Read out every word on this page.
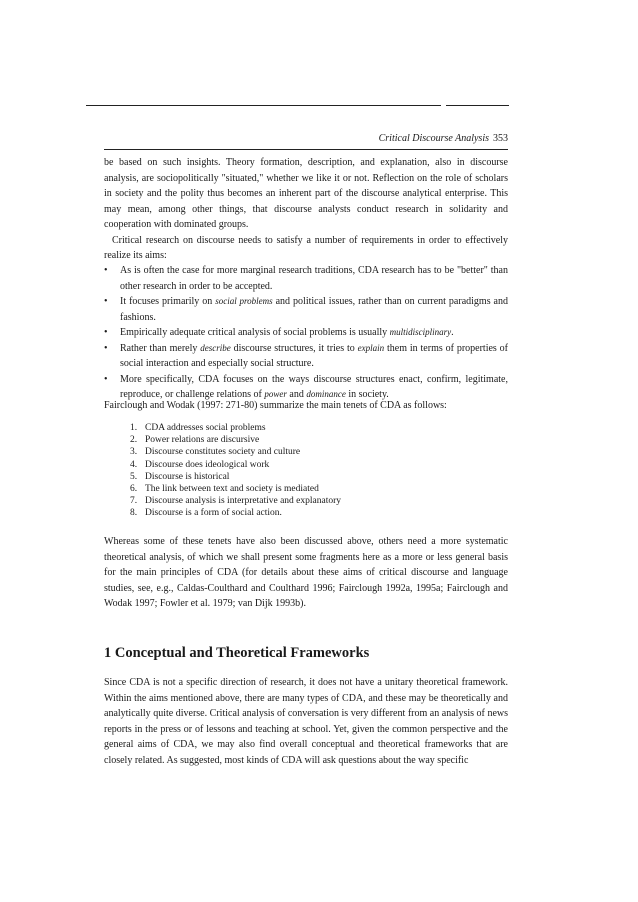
Critical Discourse Analysis 353

be based on such insights. Theory formation, description, and explanation, also in discourse analysis, are sociopolitically "situated," whether we like it or not. Reflection on the role of scholars in society and the polity thus becomes an inherent part of the discourse analytical enterprise. This may mean, among other things, that discourse analysts conduct research in solidarity and cooperation with dominated groups.

Critical research on discourse needs to satisfy a number of requirements in order to effectively realize its aims:

• As is often the case for more marginal research traditions, CDA research has to be "better" than other research in order to be accepted.
• It focuses primarily on social problems and political issues, rather than on current paradigms and fashions.
• Empirically adequate critical analysis of social problems is usually multidisciplinary.
• Rather than merely describe discourse structures, it tries to explain them in terms of properties of social interaction and especially social structure.
• More specifically, CDA focuses on the ways discourse structures enact, confirm, legitimate, reproduce, or challenge relations of power and dominance in society.

Fairclough and Wodak (1997: 271-80) summarize the main tenets of CDA as follows:

1. CDA addresses social problems
2. Power relations are discursive
3. Discourse constitutes society and culture
4. Discourse does ideological work
5. Discourse is historical
6. The link between text and society is mediated
7. Discourse analysis is interpretative and explanatory
8. Discourse is a form of social action.

Whereas some of these tenets have also been discussed above, others need a more systematic theoretical analysis, of which we shall present some fragments here as a more or less general basis for the main principles of CDA (for details about these aims of critical discourse and language studies, see, e.g., Caldas-Coulthard and Coulthard 1996; Fairclough 1992a, 1995a; Fairclough and Wodak 1997; Fowler et al. 1979; van Dijk 1993b).

1 Conceptual and Theoretical Frameworks

Since CDA is not a specific direction of research, it does not have a unitary theoretical framework. Within the aims mentioned above, there are many types of CDA, and these may be theoretically and analytically quite diverse. Critical analysis of conversation is very different from an analysis of news reports in the press or of lessons and teaching at school. Yet, given the common perspective and the general aims of CDA, we may also find overall conceptual and theoretical frameworks that are closely related. As suggested, most kinds of CDA will ask questions about the way specific
